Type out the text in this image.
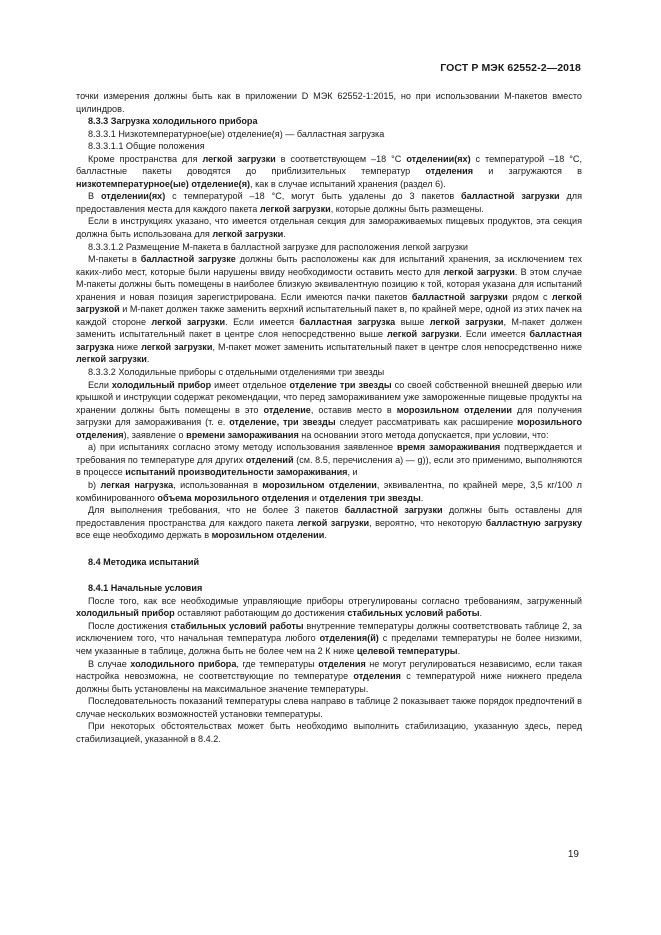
ГОСТ Р МЭК 62552-2—2018

точки измерения должны быть как в приложении D МЭК 62552-1:2015, но при использовании М-пакетов вместо цилиндров.

8.3.3 Загрузка холодильного прибора

8.3.3.1 Низкотемпературное(ые) отделение(я) — балластная загрузка

8.3.3.1.1 Общие положения

Кроме пространства для легкой загрузки в соответствующем –18 °С отделении(ях) с температурой –18 °С, балластные пакеты доводятся до приблизительных температур отделения и загружаются в низкотемпературное(ые) отделение(я), как в случае испытаний хранения (раздел 6).

В отделении(ях) с температурой –18 °С, могут быть удалены до 3 пакетов балластной загрузки для предоставления места для каждого пакета легкой загрузки, которые должны быть размещены.

Если в инструкциях указано, что имеется отдельная секция для замораживаемых пищевых продуктов, эта секция должна быть использована для легкой загрузки.

8.3.3.1.2 Размещение М-пакета в балластной загрузке для расположения легкой загрузки

М-пакеты в балластной загрузке должны быть расположены как для испытаний хранения, за исключением тех каких-либо мест, которые были нарушены ввиду необходимости оставить место для легкой загрузки. В этом случае М-пакеты должны быть помещены в наиболее близкую эквивалентную позицию к той, которая указана для испытаний хранения и новая позиция зарегистрирована. Если имеются пачки пакетов балластной загрузки рядом с легкой загрузкой и М-пакет должен также заменить верхний испытательный пакет в, по крайней мере, одной из этих пачек на каждой стороне легкой загрузки. Если имеется балластная загрузка выше легкой загрузки, М-пакет должен заменить испытательный пакет в центре слоя непосредственно выше легкой загрузки. Если имеется балластная загрузка ниже легкой загрузки, М-пакет может заменить испытательный пакет в центре слоя непосредственно ниже легкой загрузки.

8.3.3.2 Холодильные приборы с отдельными отделениями три звезды

Если холодильный прибор имеет отдельное отделение три звезды со своей собственной внешней дверью или крышкой и инструкции содержат рекомендации, что перед замораживанием уже замороженные пищевые продукты на хранении должны быть помещены в это отделение, оставив место в морозильном отделении для получения загрузки для замораживания (т. е. отделение, три звезды следует рассматривать как расширение морозильного отделения), заявление о времени замораживания на основании этого метода допускается, при условии, что:

а) при испытаниях согласно этому методу использования заявленное время замораживания подтверждается и требования по температуре для других отделений (см. 8.5, перечисления а) — g)), если это применимо, выполняются в процессе испытаний производительности замораживания, и

b) легкая нагрузка, использованная в морозильном отделении, эквивалентна, по крайней мере, 3,5 кг/100 л комбинированного объема морозильного отделения и отделения три звезды.

Для выполнения требования, что не более 3 пакетов балластной загрузки должны быть оставлены для предоставления пространства для каждого пакета легкой загрузки, вероятно, что некоторую балластную загрузку все еще необходимо держать в морозильном отделении.

8.4 Методика испытаний

8.4.1 Начальные условия

После того, как все необходимые управляющие приборы отрегулированы согласно требованиям, загруженный холодильный прибор оставляют работающим до достижения стабильных условий работы.

После достижения стабильных условий работы внутренние температуры должны соответствовать таблице 2, за исключением того, что начальная температура любого отделения(й) с пределами температуры не более низкими, чем указанные в таблице, должна быть не более чем на 2 К ниже целевой температуры.

В случае холодильного прибора, где температуры отделения не могут регулироваться независимо, если такая настройка невозможна, не соответствующие по температуре отделения с температурой ниже нижнего предела должны быть установлены на максимальное значение температуры.

Последовательность показаний температуры слева направо в таблице 2 показывает также порядок предпочтений в случае нескольких возможностей установки температуры.

При некоторых обстоятельствах может быть необходимо выполнить стабилизацию, указанную здесь, перед стабилизацией, указанной в 8.4.2.

19
